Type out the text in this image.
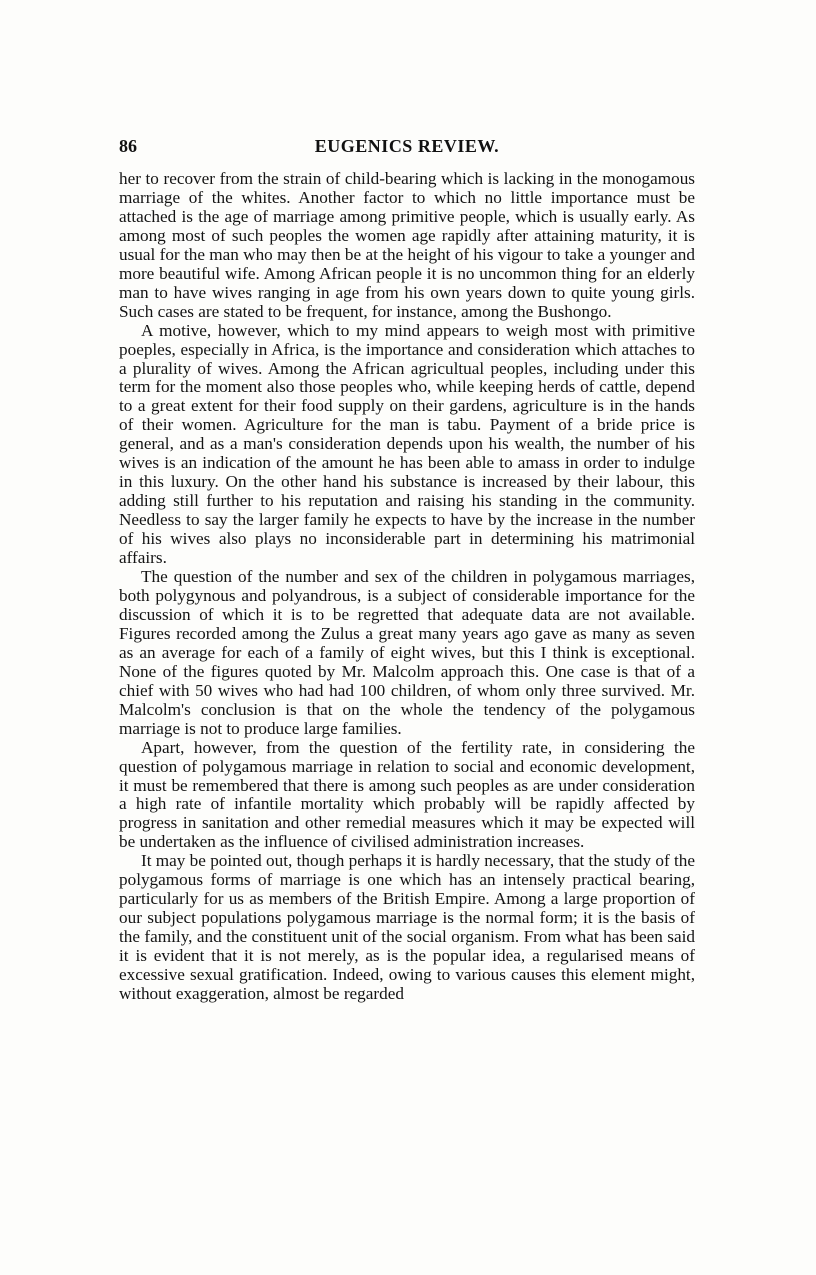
86	EUGENICS REVIEW.

her to recover from the strain of child-bearing which is lacking in the monogamous marriage of the whites. Another factor to which no little importance must be attached is the age of marriage among primitive people, which is usually early. As among most of such peoples the women age rapidly after attaining maturity, it is usual for the man who may then be at the height of his vigour to take a younger and more beautiful wife. Among African people it is no uncommon thing for an elderly man to have wives ranging in age from his own years down to quite young girls. Such cases are stated to be frequent, for instance, among the Bushongo.

A motive, however, which to my mind appears to weigh most with primitive poeples, especially in Africa, is the importance and consideration which attaches to a plurality of wives. Among the African agricultual peoples, including under this term for the moment also those peoples who, while keeping herds of cattle, depend to a great extent for their food supply on their gardens, agriculture is in the hands of their women. Agriculture for the man is tabu. Payment of a bride price is general, and as a man's consideration depends upon his wealth, the number of his wives is an indication of the amount he has been able to amass in order to indulge in this luxury. On the other hand his substance is increased by their labour, this adding still further to his reputation and raising his standing in the community. Needless to say the larger family he expects to have by the increase in the number of his wives also plays no inconsiderable part in determining his matrimonial affairs.

The question of the number and sex of the children in polygamous marriages, both polygynous and polyandrous, is a subject of considerable importance for the discussion of which it is to be regretted that adequate data are not available. Figures recorded among the Zulus a great many years ago gave as many as seven as an average for each of a family of eight wives, but this I think is exceptional. None of the figures quoted by Mr. Malcolm approach this. One case is that of a chief with 50 wives who had had 100 children, of whom only three survived. Mr. Malcolm's conclusion is that on the whole the tendency of the polygamous marriage is not to produce large families.

Apart, however, from the question of the fertility rate, in considering the question of polygamous marriage in relation to social and economic development, it must be remembered that there is among such peoples as are under consideration a high rate of infantile mortality which probably will be rapidly affected by progress in sanitation and other remedial measures which it may be expected will be undertaken as the influence of civilised administration increases.

It may be pointed out, though perhaps it is hardly necessary, that the study of the polygamous forms of marriage is one which has an intensely practical bearing, particularly for us as members of the British Empire. Among a large proportion of our subject populations polygamous marriage is the normal form; it is the basis of the family, and the constituent unit of the social organism. From what has been said it is evident that it is not merely, as is the popular idea, a regularised means of excessive sexual gratification. Indeed, owing to various causes this element might, without exaggeration, almost be regarded
